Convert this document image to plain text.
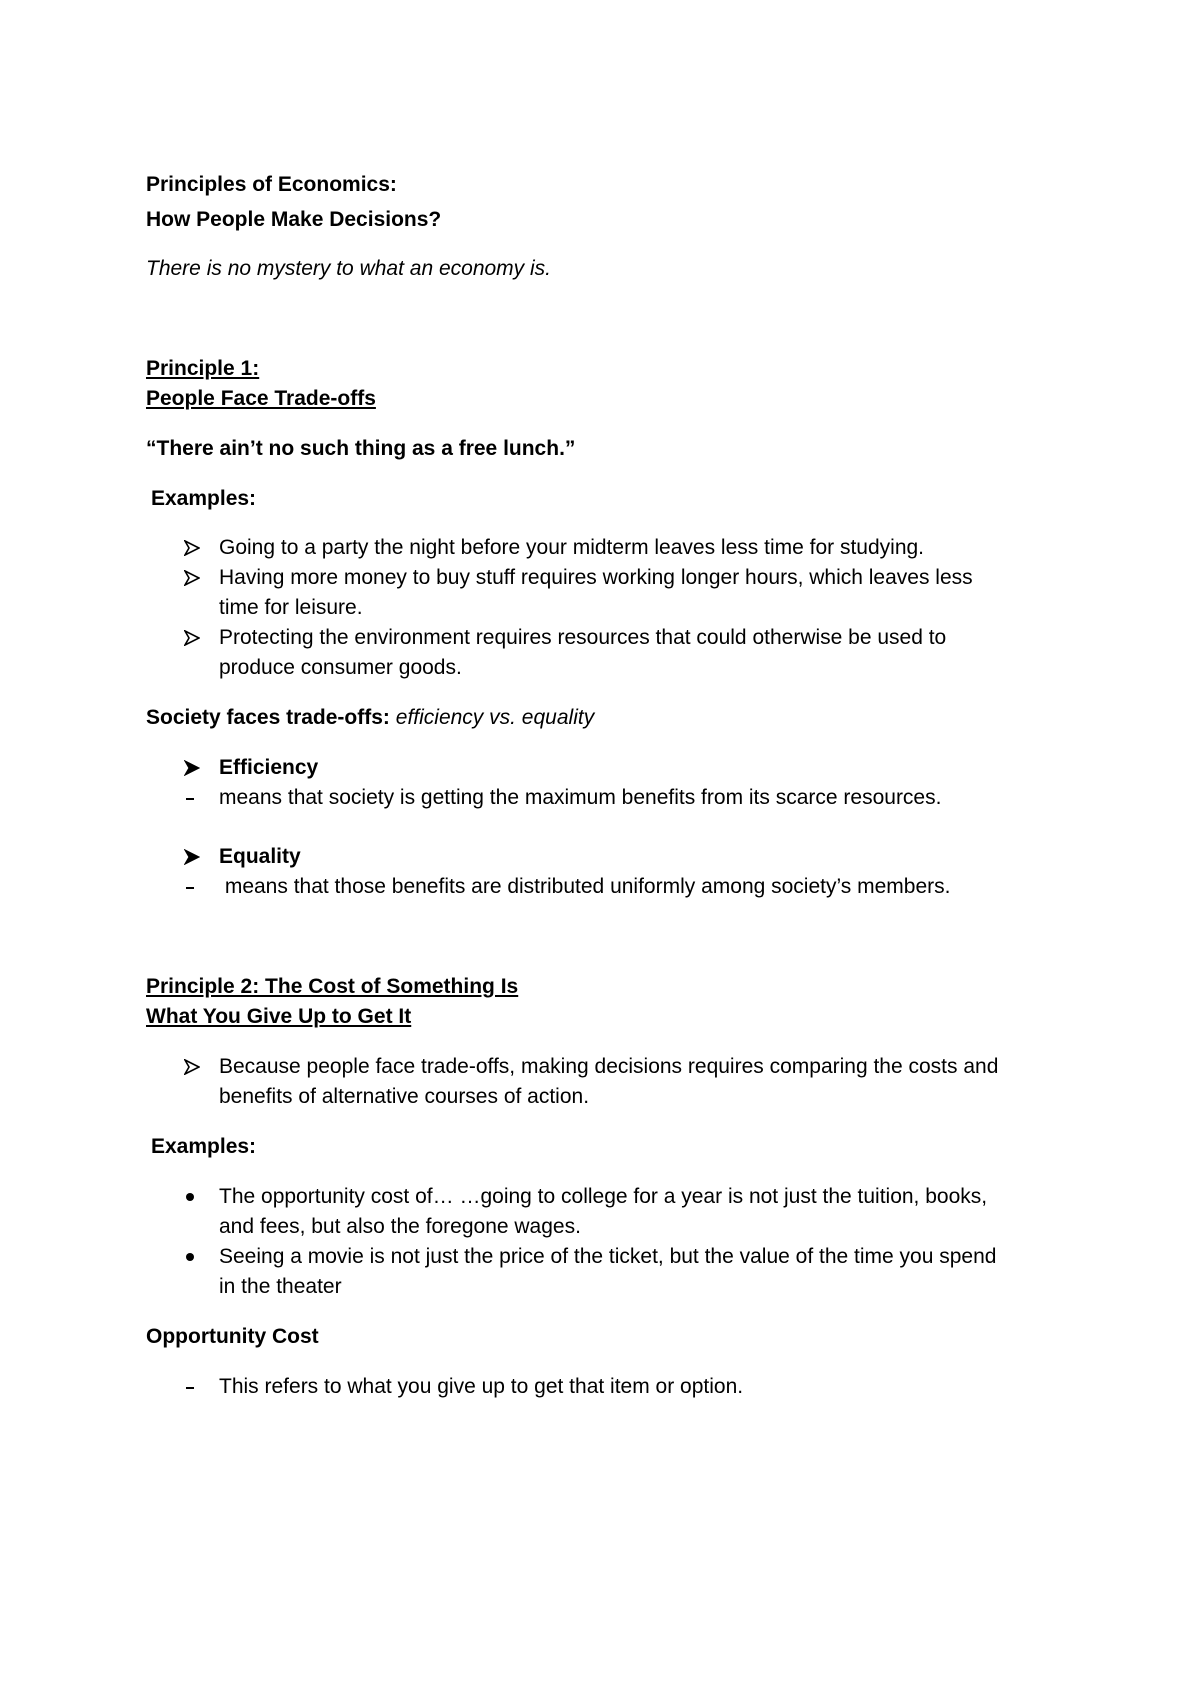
Principles of Economics:
How People Make Decisions?
There is no mystery to what an economy is.
Principle 1:
People Face Trade-offs
“There ain’t no such thing as a free lunch.”
Examples:
Going to a party the night before your midterm leaves less time for studying.
Having more money to buy stuff requires working longer hours, which leaves less
time for leisure.
Protecting the environment requires resources that could otherwise be used to
produce consumer goods.
Society faces trade-offs: efficiency vs. equality
Efficiency
means that society is getting the maximum benefits from its scarce resources.
Equality
means that those benefits are distributed uniformly among society’s members.
Principle 2: The Cost of Something Is
What You Give Up to Get It
Because people face trade-offs, making decisions requires comparing the costs and
benefits of alternative courses of action.
Examples:
The opportunity cost of… …going to college for a year is not just the tuition, books,
and fees, but also the foregone wages.
Seeing a movie is not just the price of the ticket, but the value of the time you spend
in the theater
Opportunity Cost
This refers to what you give up to get that item or option.
